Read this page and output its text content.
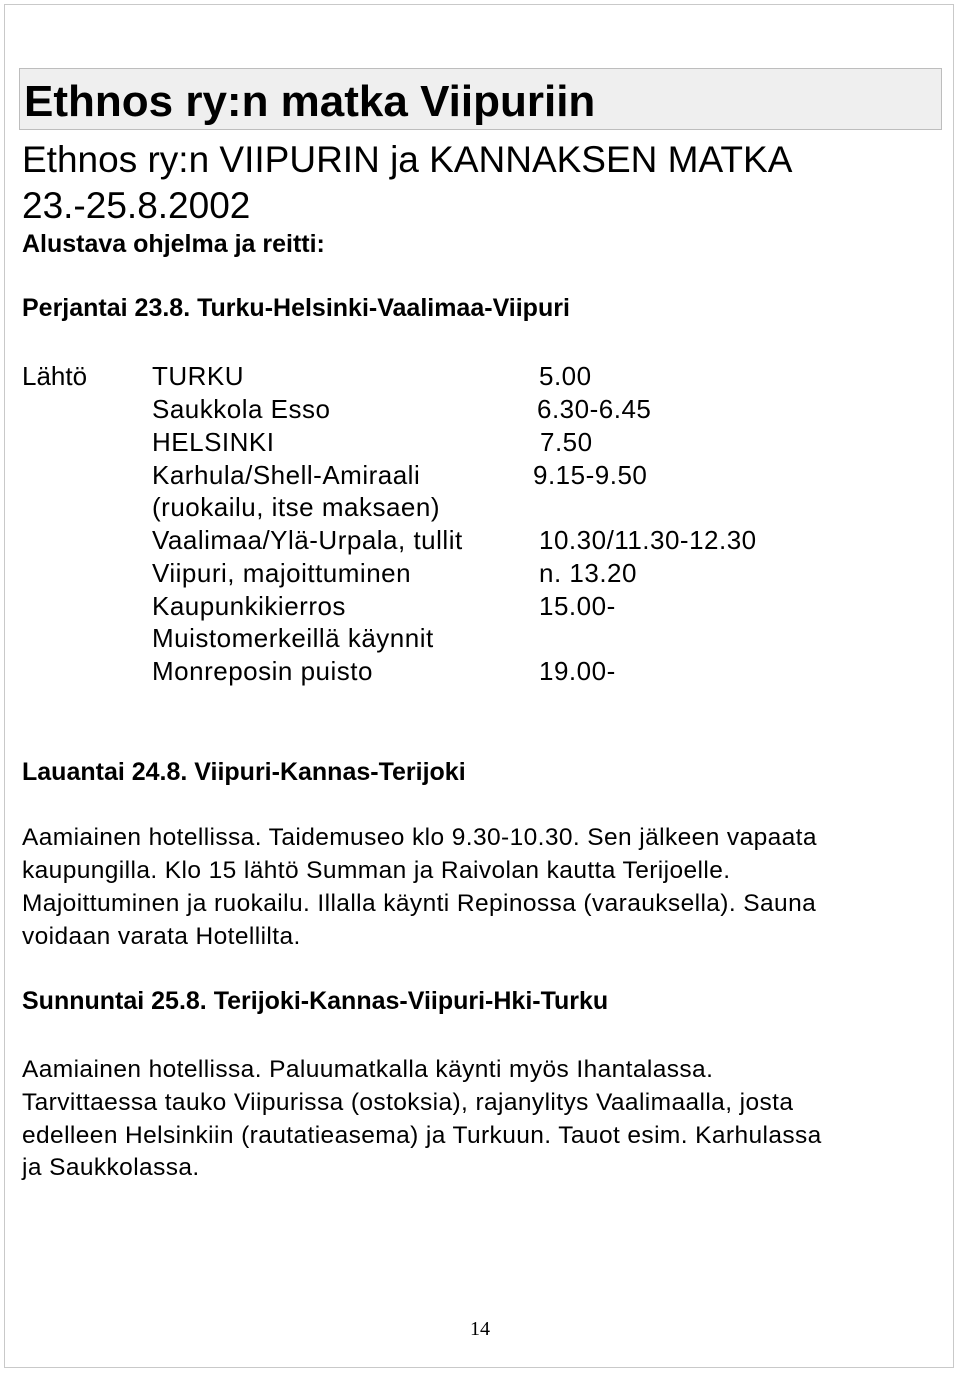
Ethnos ry:n matka Viipuriin

Ethnos ry:n VIIPURIN ja KANNAKSEN MATKA 23.-25.8.2002

Alustava ohjelma ja reitti:

Perjantai 23.8. Turku-Helsinki-Vaalimaa-Viipuri

Lähtö TURKU	5.00
Saukkola Esso	6.30-6.45
HELSINKI	7.50
Karhula/Shell-Amiraali	9.15-9.50
(ruokailu, itse maksaen)
Vaalimaa/Ylä-Urpala, tullit	10.30/11.30-12.30
Viipuri, majoittuminen	n. 13.20
Kaupunkikierros	15.00-
Muistomerkeillä käynnit
Monreposin puisto	19.00-

Lauantai 24.8. Viipuri-Kannas-Terijoki

Aamiainen hotellissa. Taidemuseo klo 9.30-10.30. Sen jälkeen vapaata

kaupungilla. Klo 15 lähtö Summan ja Raivolan kautta Terijoelle.

Majoittuminen ja ruokailu. Illalla käynti Repinossa (varauksella). Sauna

voidaan varata Hotellilta.

Sunnuntai 25.8. Terijoki-Kannas-Viipuri-Hki-Turku

Aamiainen hotellissa. Paluumatkalla käynti myös Ihantalassa.

Tarvittaessa tauko Viipurissa (ostoksia), rajanylitys Vaalimaalla, josta

edelleen Helsinkiin (rautatieasema) ja Turkuun. Tauot esim. Karhulassa

ja Saukkolassa.

14
